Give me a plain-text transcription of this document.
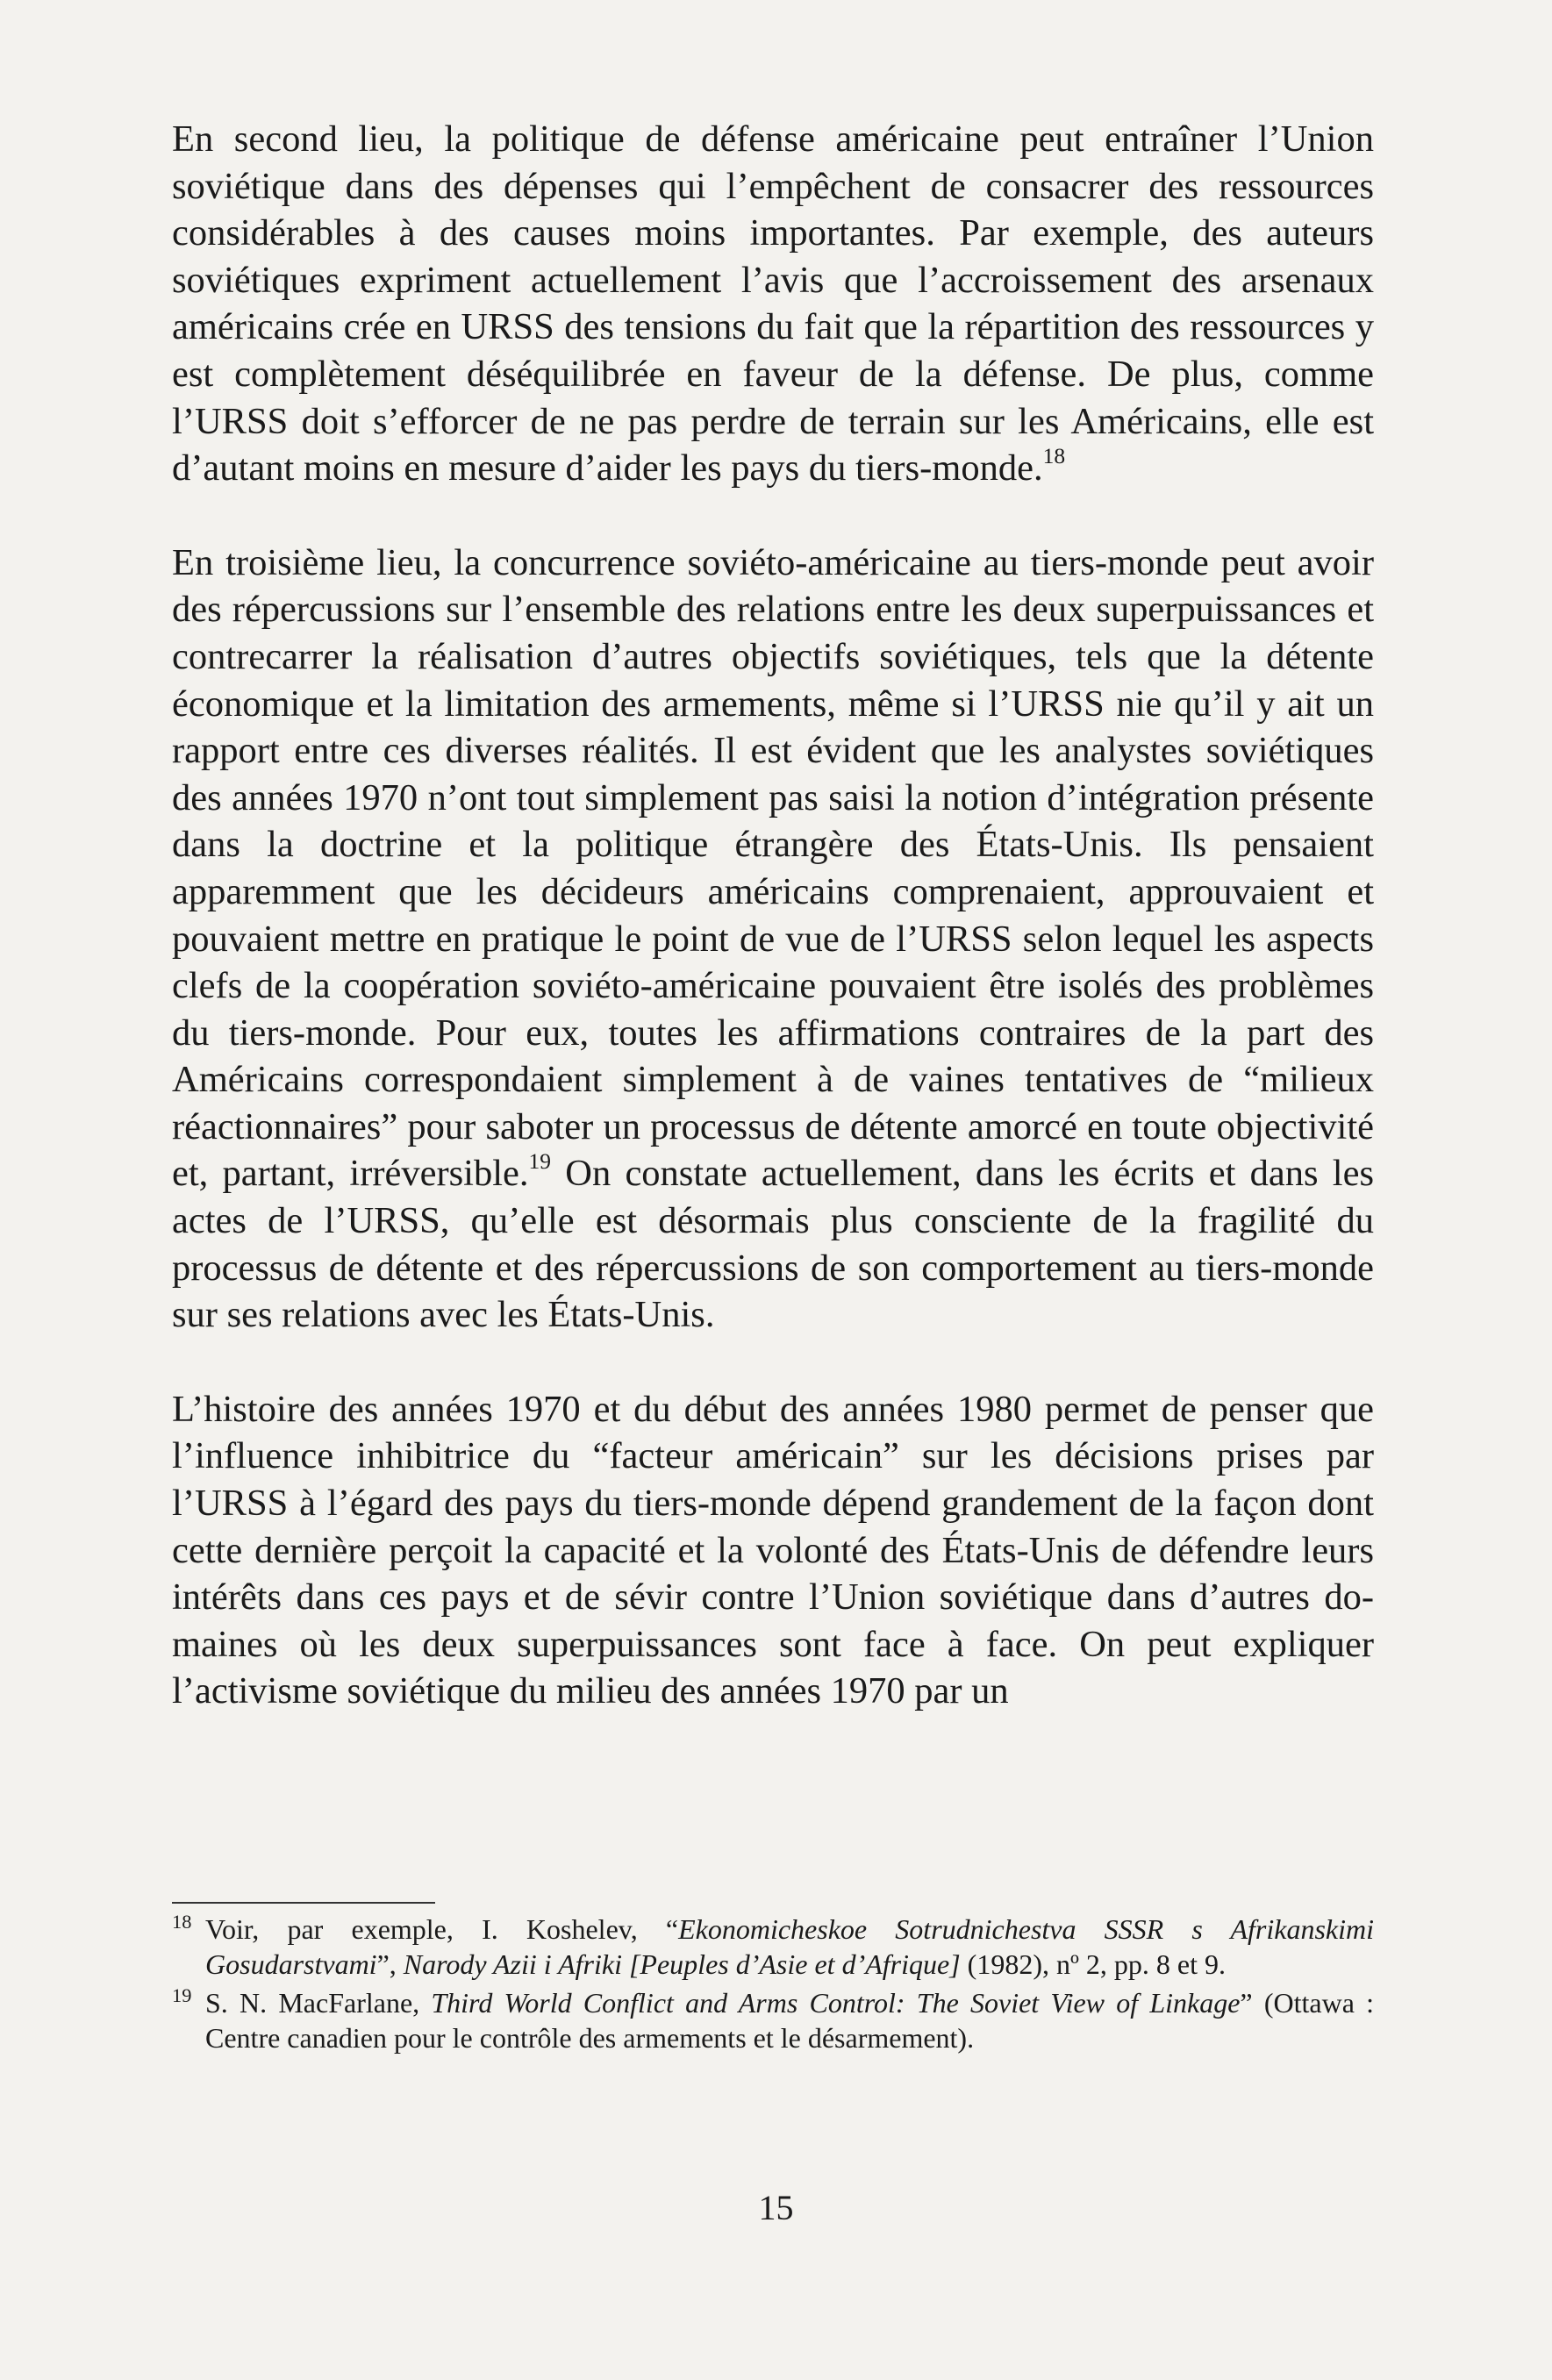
En second lieu, la politique de défense américaine peut entraîner l’Union soviétique dans des dépenses qui l’empêchent de consacrer des ressources considérables à des causes moins importantes. Par exemple, des auteurs soviétiques expriment actuellement l’avis que l’accroissement des arsenaux américains crée en URSS des tensions du fait que la répartition des ressources y est complètement déséquilibrée en faveur de la défense. De plus, comme l’URSS doit s’efforcer de ne pas perdre de terrain sur les Américains, elle est d’autant moins en mesure d’aider les pays du tiers-monde.$^{18}$

En troisième lieu, la concurrence soviéto-américaine au tiers-monde peut avoir des répercussions sur l’ensemble des relations entre les deux superpuissances et contrecarrer la réalisation d’autres objectifs soviétiques, tels que la détente économique et la limitation des armements, même si l’URSS nie qu’il y ait un rapport entre ces diverses réalités. Il est évident que les analystes soviétiques des années 1970 n’ont tout simplement pas saisi la notion d’intégration présente dans la doctrine et la politique étrangère des États-Unis. Ils pensaient apparemment que les décideurs américains comprenaient, approuvaient et pouvaient mettre en pratique le point de vue de l’URSS selon lequel les aspects clefs de la coopération soviéto-américaine pouvaient être isolés des problèmes du tiers-monde. Pour eux, toutes les affirmations contraires de la part des Américains correspondaient simplement à de vaines tentatives de “milieux réactionnaires” pour saboter un processus de détente amorcé en toute objectivité et, partant, irréversible.$^{19}$ On constate actuellement, dans les écrits et dans les actes de l’URSS, qu’elle est désormais plus consciente de la fragilité du processus de détente et des répercussions de son comportement au tiers-monde sur ses relations avec les États-Unis.

L’histoire des années 1970 et du début des années 1980 permet de penser que l’influence inhibitrice du “facteur américain” sur les décisions prises par l’URSS à l’égard des pays du tiers-monde dépend grandement de la façon dont cette dernière perçoit la capacité et la volonté des États-Unis de défendre leurs intérêts dans ces pays et de sévir contre l’Union soviétique dans d’autres domaines où les deux superpuissances sont face à face. On peut expliquer l’activisme soviétique du milieu des années 1970 par un

18 Voir, par exemple, I. Koshelev, “Ekonomicheskoe Sotrudnichestva SSSR s Afrikanskimi Gosudarstvami”, Narody Azii i Afriki [Peuples d’Asie et d’Afrique] (1982), nº 2, pp. 8 et 9.

19 S. N. MacFarlane, Third World Conflict and Arms Control: The Soviet View of Linkage” (Ottawa : Centre canadien pour le contrôle des armements et le désarmement).

15
